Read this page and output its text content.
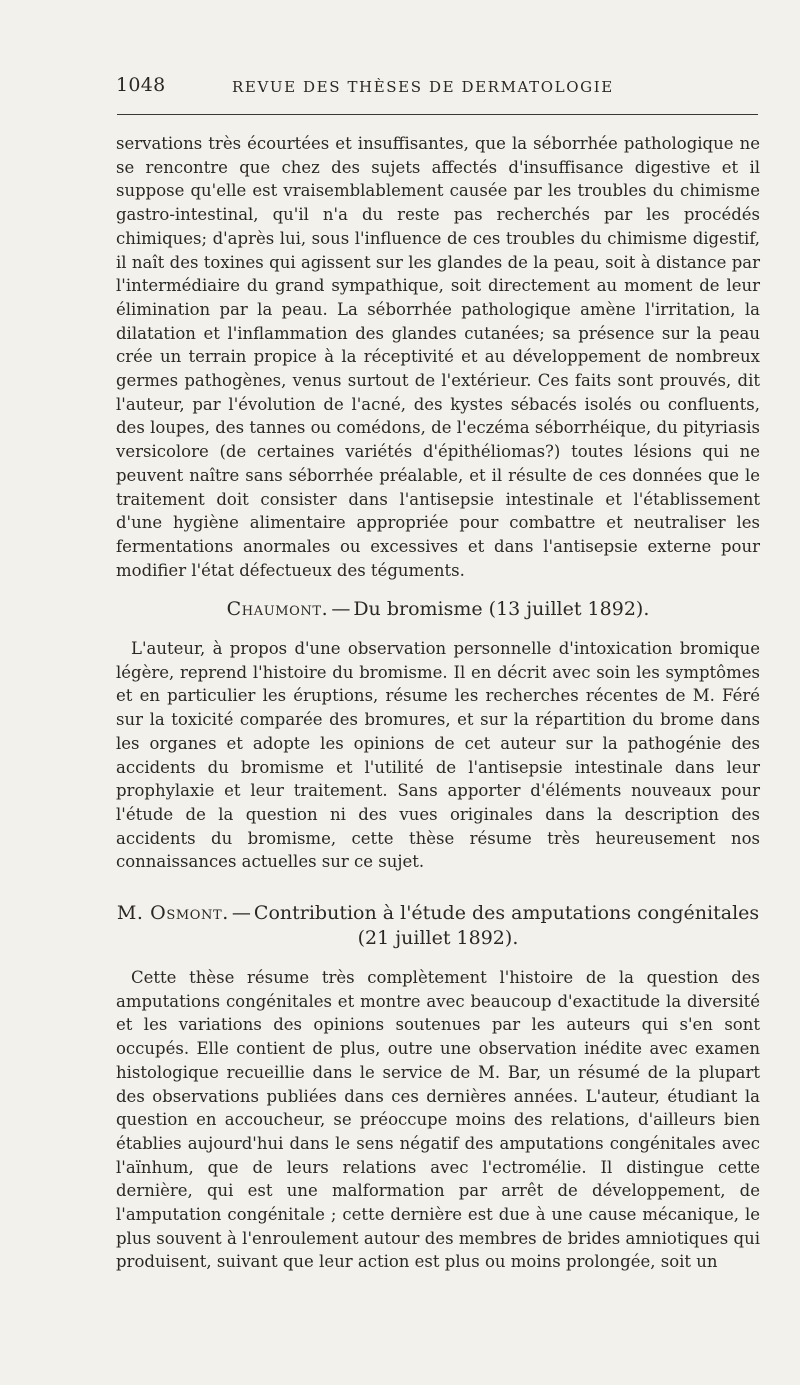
1048	REVUE DES THÈSES DE DERMATOLOGIE

servations très écourtées et insuffisantes, que la séborrhée pathologique ne se rencontre que chez des sujets affectés d'insuffisance digestive et il suppose qu'elle est vraisemblablement causée par les troubles du chimisme gastro-intestinal, qu'il n'a du reste pas recherchés par les procédés chimiques; d'après lui, sous l'influence de ces troubles du chimisme digestif, il naît des toxines qui agissent sur les glandes de la peau, soit à distance par l'intermédiaire du grand sympathique, soit directement au moment de leur élimination par la peau. La séborrhée pathologique amène l'irritation, la dilatation et l'inflammation des glandes cutanées; sa présence sur la peau crée un terrain propice à la réceptivité et au développement de nombreux germes pathogènes, venus surtout de l'extérieur. Ces faits sont prouvés, dit l'auteur, par l'évolution de l'acné, des kystes sébacés isolés ou confluents, des loupes, des tannes ou comédons, de l'eczéma séborrhéique, du pityriasis versicolore (de certaines variétés d'épithéliomas?) toutes lésions qui ne peuvent naître sans séborrhée préalable, et il résulte de ces données que le traitement doit consister dans l'antisepsie intestinale et l'établissement d'une hygiène alimentaire appropriée pour combattre et neutraliser les fermentations anormales ou excessives et dans l'antisepsie externe pour modifier l'état défectueux des téguments.

Chaumont. — Du bromisme (13 juillet 1892).

L'auteur, à propos d'une observation personnelle d'intoxication bromique légère, reprend l'histoire du bromisme. Il en décrit avec soin les symptômes et en particulier les éruptions, résume les recherches récentes de M. Féré sur la toxicité comparée des bromures, et sur la répartition du brome dans les organes et adopte les opinions de cet auteur sur la pathogénie des accidents du bromisme et l'utilité de l'antisepsie intestinale dans leur prophylaxie et leur traitement. Sans apporter d'éléments nouveaux pour l'étude de la question ni des vues originales dans la description des accidents du bromisme, cette thèse résume très heureusement nos connaissances actuelles sur ce sujet.

M. Osmont. — Contribution à l'étude des amputations congénitales
(21 juillet 1892).

Cette thèse résume très complètement l'histoire de la question des amputations congénitales et montre avec beaucoup d'exactitude la diversité et les variations des opinions soutenues par les auteurs qui s'en sont occupés. Elle contient de plus, outre une observation inédite avec examen histologique recueillie dans le service de M. Bar, un résumé de la plupart des observations publiées dans ces dernières années. L'auteur, étudiant la question en accoucheur, se préoccupe moins des relations, d'ailleurs bien établies aujourd'hui dans le sens négatif des amputations congénitales avec l'aïnhum, que de leurs relations avec l'ectromélie. Il distingue cette dernière, qui est une malformation par arrêt de développement, de l'amputation congénitale ; cette dernière est due à une cause mécanique, le plus souvent à l'enroulement autour des membres de brides amniotiques qui produisent, suivant que leur action est plus ou moins prolongée, soit un
